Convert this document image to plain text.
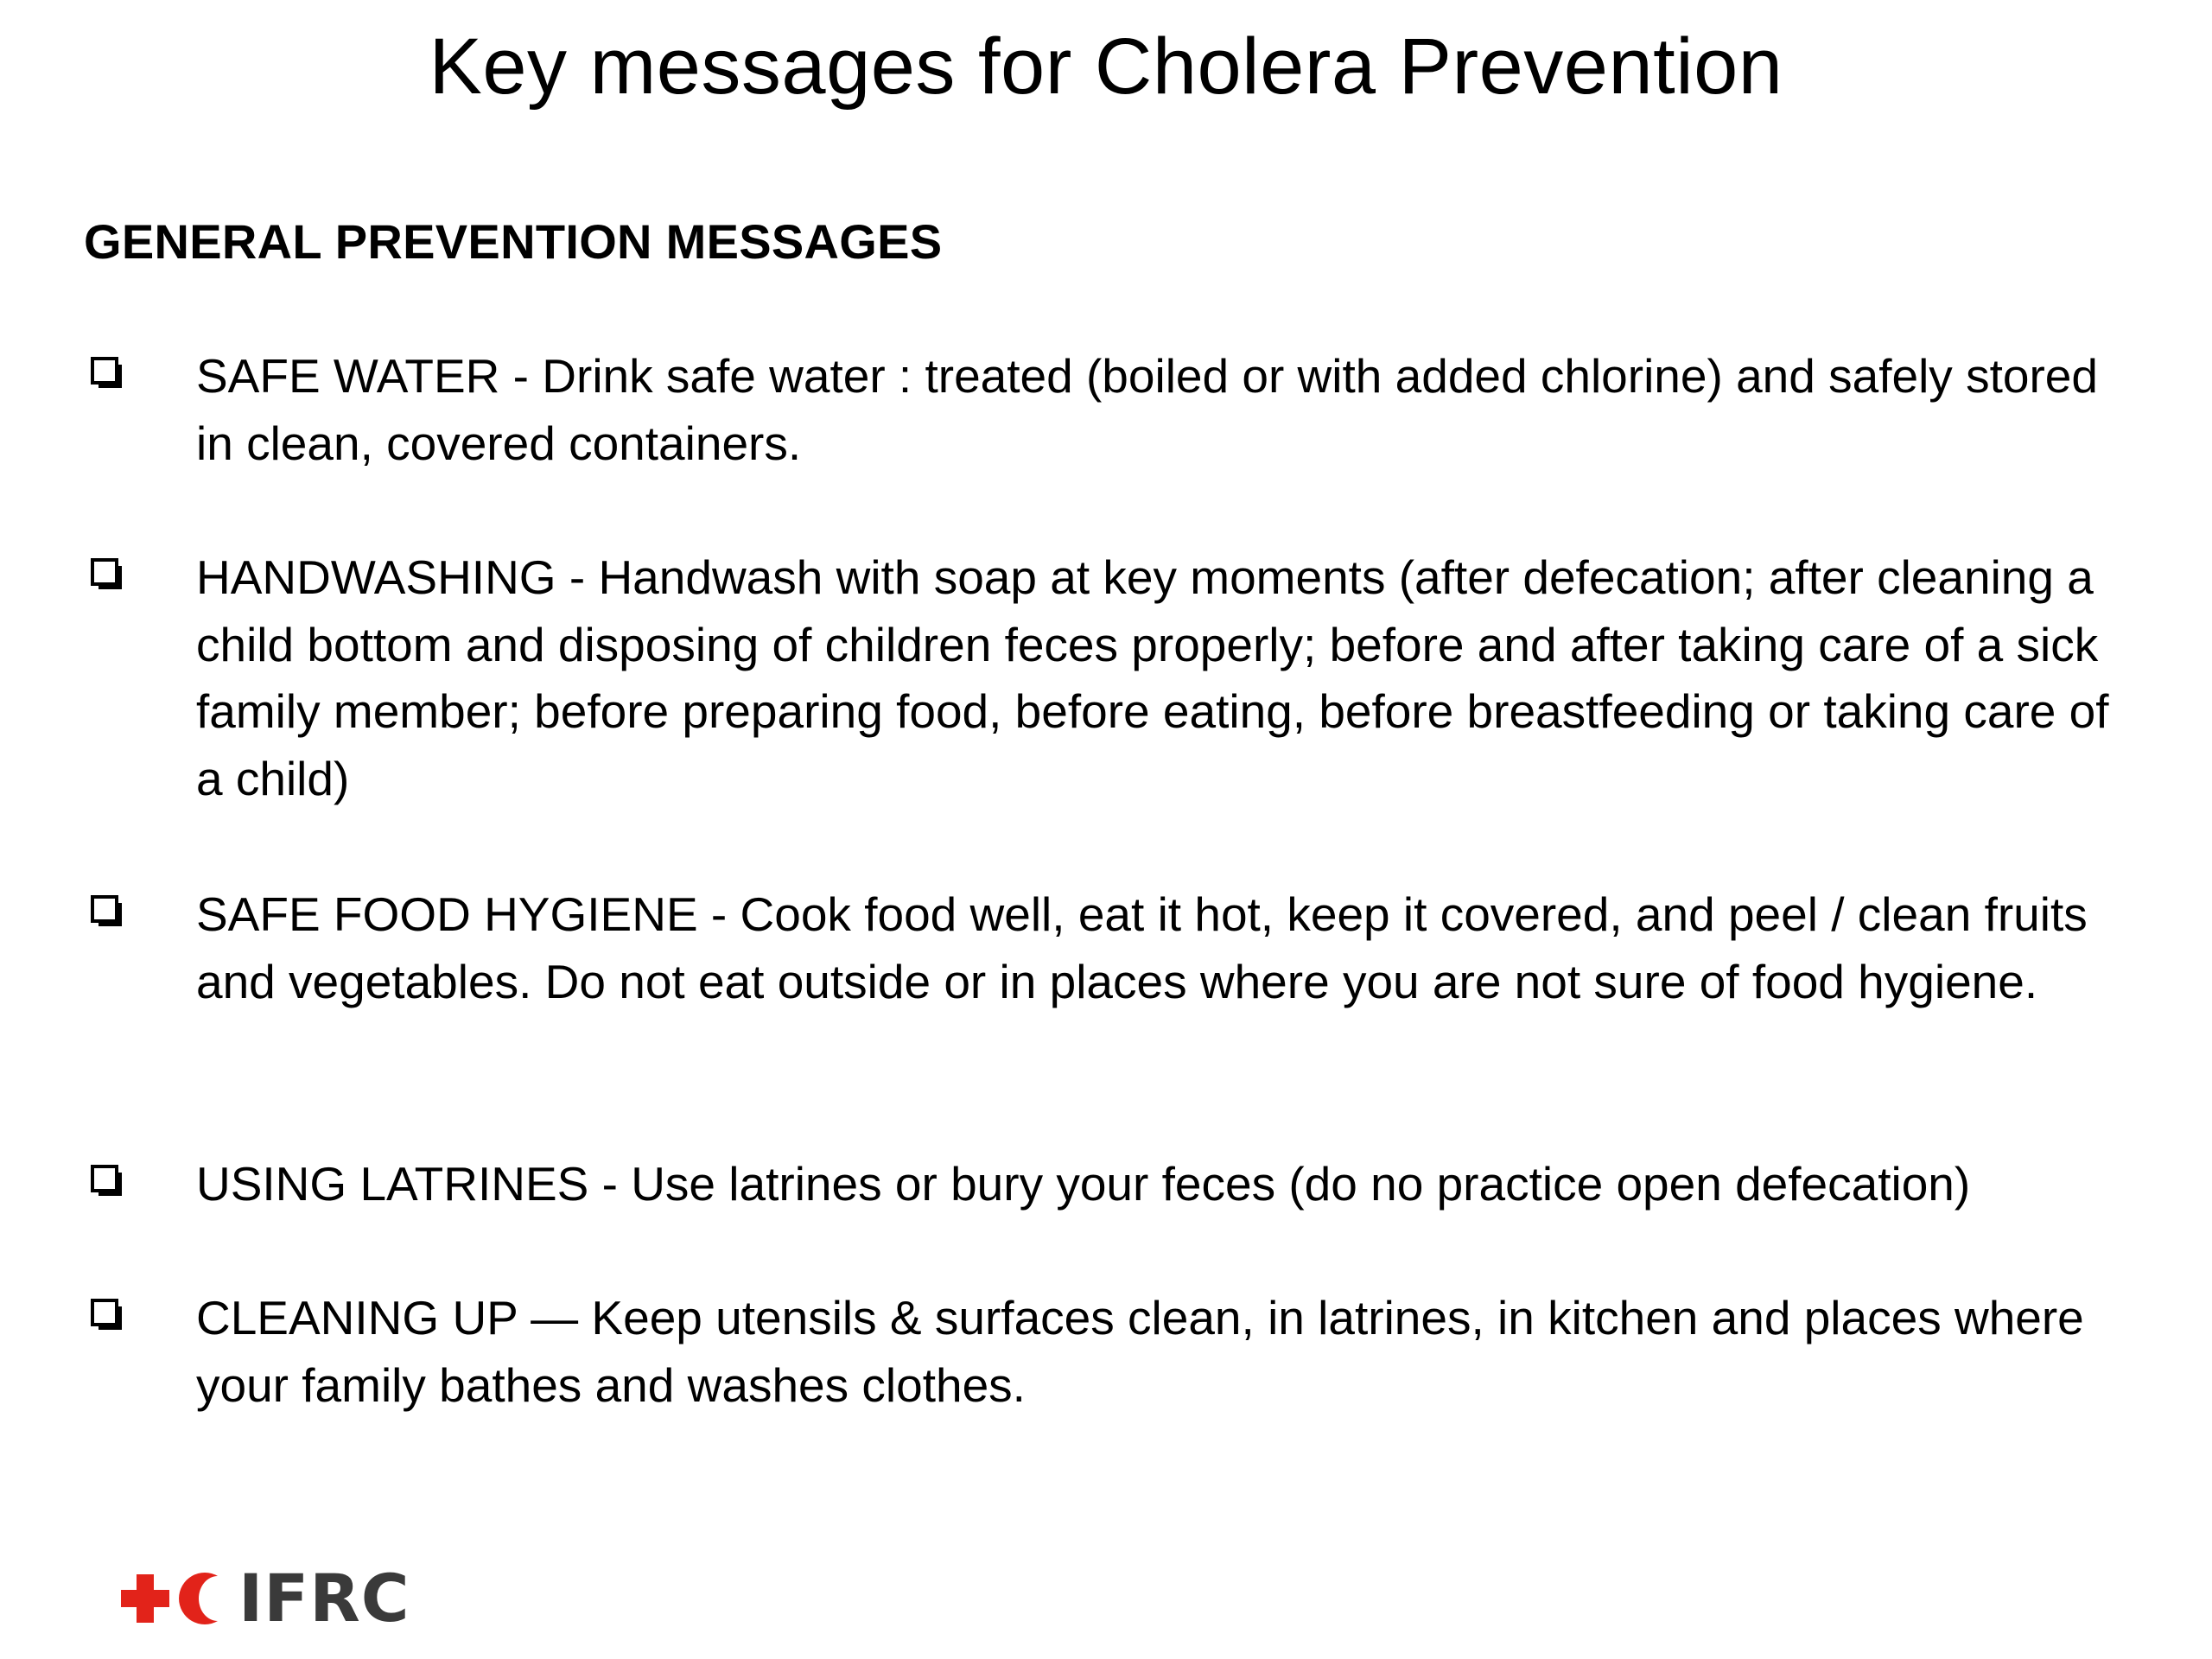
Key messages for Cholera Prevention
GENERAL PREVENTION MESSAGES

SAFE WATER - Drink safe water : treated (boiled or with added chlorine) and safely stored in clean, covered containers.

HANDWASHING - Handwash with soap at key moments (after defecation; after cleaning a child bottom and disposing of children feces properly; before and after taking care of a sick family member; before preparing food, before eating, before breastfeeding or taking care of a child)

SAFE FOOD HYGIENE - Cook food well, eat it hot, keep it covered, and peel / clean fruits and vegetables. Do not eat outside or in places where you are not sure of food hygiene.

USING LATRINES - Use latrines or bury your feces (do no practice open defecation)

CLEANING UP — Keep utensils & surfaces clean, in latrines, in kitchen and places where your family bathes and washes clothes.

IFRC
